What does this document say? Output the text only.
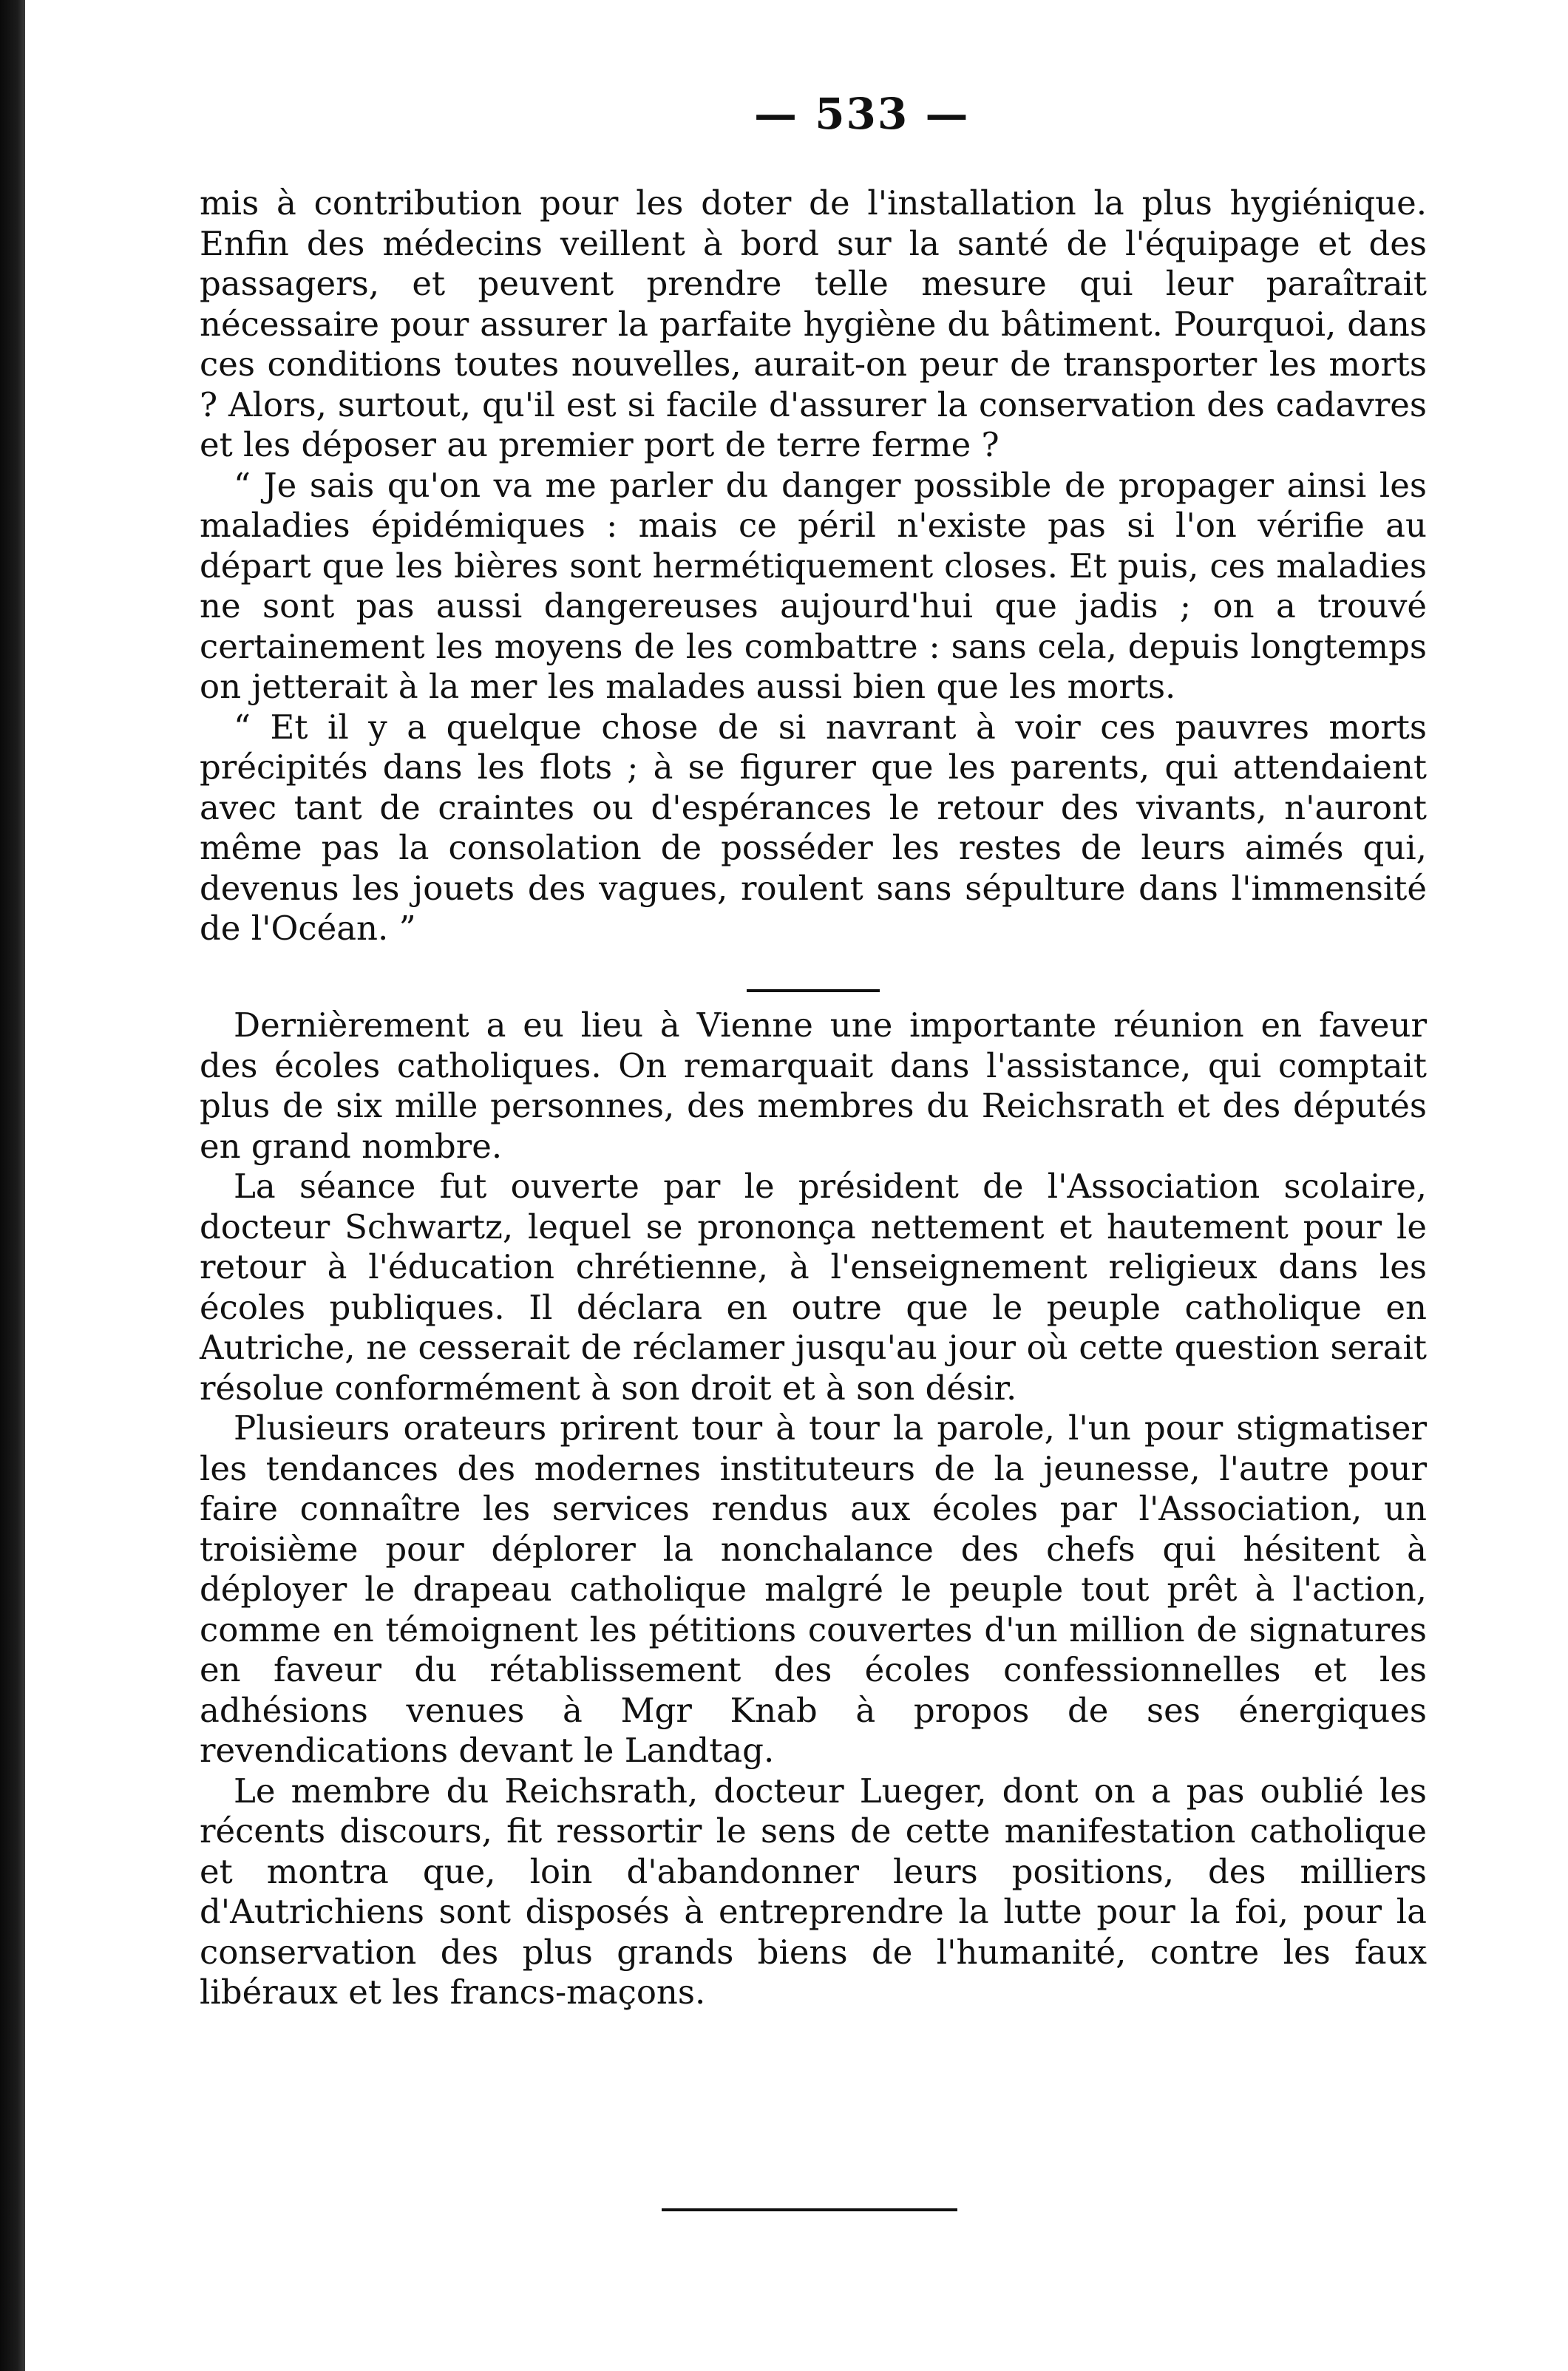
— 533 —

mis à contribution pour les doter de l'installation la plus hygiénique. Enfin des médecins veillent à bord sur la santé de l'équipage et des passagers, et peuvent prendre telle mesure qui leur paraîtrait nécessaire pour assurer la parfaite hygiène du bâtiment. Pourquoi, dans ces conditions toutes nouvelles, aurait-on peur de transporter les morts ? Alors, surtout, qu'il est si facile d'assurer la conservation des cadavres et les déposer au premier port de terre ferme ?

“ Je sais qu'on va me parler du danger possible de propager ainsi les maladies épidémiques : mais ce péril n'existe pas si l'on vérifie au départ que les bières sont hermétiquement closes. Et puis, ces maladies ne sont pas aussi dangereuses aujourd'hui que jadis ; on a trouvé certainement les moyens de les combattre : sans cela, depuis longtemps on jetterait à la mer les malades aussi bien que les morts.

“ Et il y a quelque chose de si navrant à voir ces pauvres morts précipités dans les flots ; à se figurer que les parents, qui attendaient avec tant de craintes ou d'espérances le retour des vivants, n'auront même pas la consolation de posséder les restes de leurs aimés qui, devenus les jouets des vagues, roulent sans sépulture dans l'immensité de l'Océan. ”

Dernièrement a eu lieu à Vienne une importante réunion en faveur des écoles catholiques. On remarquait dans l'assistance, qui comptait plus de six mille personnes, des membres du Reichsrath et des députés en grand nombre.

La séance fut ouverte par le président de l'Association scolaire, docteur Schwartz, lequel se prononça nettement et hautement pour le retour à l'éducation chrétienne, à l'enseignement religieux dans les écoles publiques. Il déclara en outre que le peuple catholique en Autriche, ne cesserait de réclamer jusqu'au jour où cette question serait résolue conformément à son droit et à son désir.

Plusieurs orateurs prirent tour à tour la parole, l'un pour stigmatiser les tendances des modernes instituteurs de la jeunesse, l'autre pour faire connaître les services rendus aux écoles par l'Association, un troisième pour déplorer la nonchalance des chefs qui hésitent à déployer le drapeau catholique malgré le peuple tout prêt à l'action, comme en témoignent les pétitions couvertes d'un million de signatures en faveur du rétablissement des écoles confessionnelles et les adhésions venues à Mgr Knab à propos de ses énergiques revendications devant le Landtag.

Le membre du Reichsrath, docteur Lueger, dont on a pas oublié les récents discours, fit ressortir le sens de cette manifestation catholique et montra que, loin d'abandonner leurs positions, des milliers d'Autrichiens sont disposés à entreprendre la lutte pour la foi, pour la conservation des plus grands biens de l'humanité, contre les faux libéraux et les francs-maçons.
